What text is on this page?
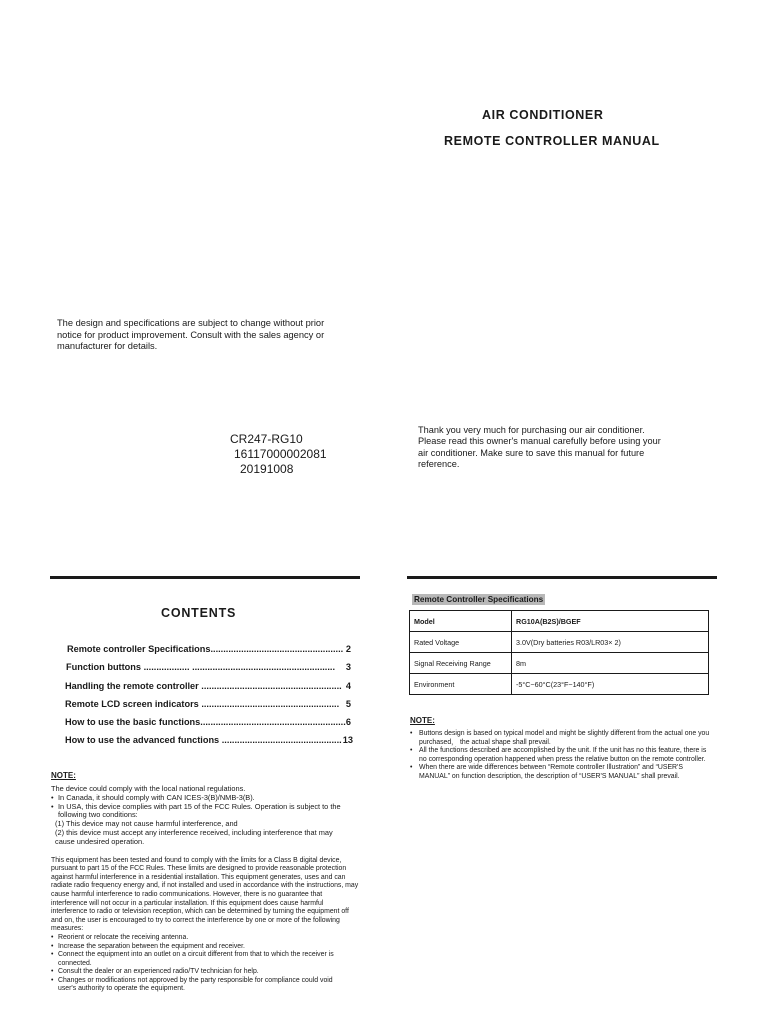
AIR CONDITIONER
REMOTE CONTROLLER MANUAL
The design and specifications are subject to change without prior notice for product improvement. Consult with the sales agency or manufacturer for details.
CR247-RG10
16117000002081
20191008
Thank you very much for purchasing our air conditioner. Please read this owner's manual carefully before using your air conditioner. Make sure to save this manual for future reference.
CONTENTS
Remote controller Specifications.................................................... 2
Function buttons .................. ........................................................ 3
Handling the remote controller ....................................................... 4
Remote LCD screen indicators ...................................................... 5
How to use the basic functions......................................................... 6
How to use the advanced functions ............................................... 13
NOTE:
The device could comply with the local national regulations.
• In Canada, it should comply with CAN ICES-3(B)/NMB-3(B).
• In USA, this device complies with part 15 of the FCC Rules. Operation is subject to the following two conditions:
(1) This device may not cause harmful interference, and
(2) this device must accept any interference received, including interference that may cause undesired operation.
This equipment has been tested and found to comply with the limits for a Class B digital device, pursuant to part 15 of the FCC Rules. These limits are designed to provide reasonable protection against harmful interference in a residential installation. This equipment generates, uses and can radiate radio frequency energy and, if not installed and used in accordance with the instructions, may cause harmful interference to radio communications. However, there is no guarantee that interference will not occur in a particular installation. If this equipment does cause harmful interference to radio or television reception, which can be determined by turning the equipment off and on, the user is encouraged to try to correct the interference by one or more of the following measures:
• Reorient or relocate the receiving antenna.
• Increase the separation between the equipment and receiver.
• Connect the equipment into an outlet on a circuit different from that to which the receiver is connected.
• Consult the dealer or an experienced radio/TV technician for help.
• Changes or modifications not approved by the party responsible for compliance could void user's authority to operate the equipment.
Remote Controller Specifications
Model	RG10A(B2S)/BGEF
Rated Voltage	3.0V(Dry batteries R03/LR03× 2)
Signal Receiving Range	8m
Environment	-5°C~60°C(23°F~140°F)
NOTE:
• Buttons design is based on typical model and might be slightly different from the actual one you purchased， the actual shape shall prevail.
• All the functions described are accomplished by the unit. If the unit has no this feature, there is no corresponding operation happened when press the relative button on the remote controller.
• When there are wide differences between “Remote controller Illustration” and “USER'S MANUAL” on function description, the description of “USER'S MANUAL” shall prevail.
